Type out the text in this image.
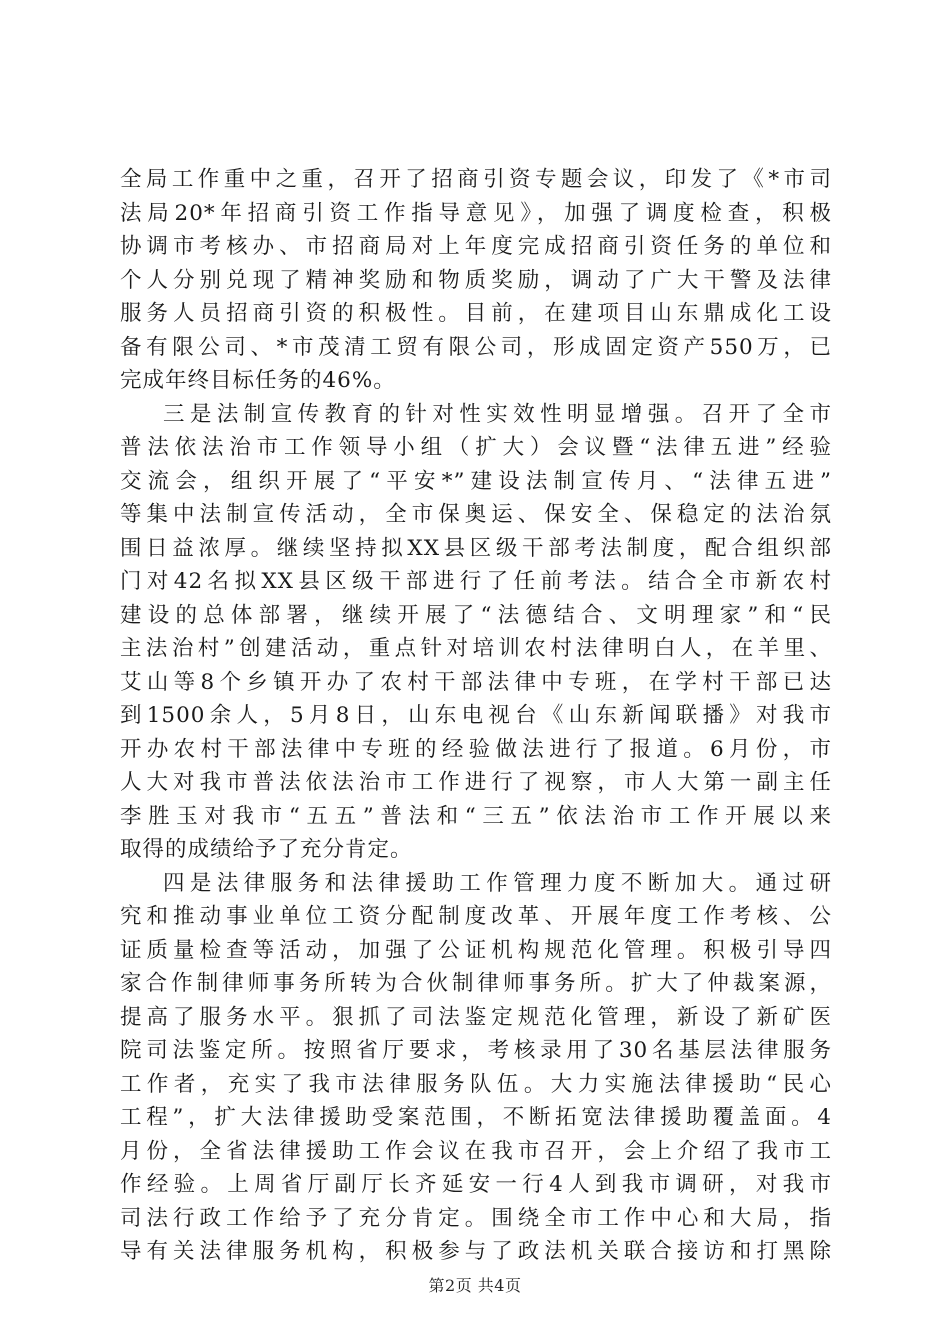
全局工作重中之重，召开了招商引资专题会议，印发了《*市司
法局20*年招商引资工作指导意见》，加强了调度检查，积极
协调市考核办、市招商局对上年度完成招商引资任务的单位和
个人分别兑现了精神奖励和物质奖励，调动了广大干警及法律
服务人员招商引资的积极性。目前，在建项目山东鼎成化工设
备有限公司、*市茂清工贸有限公司，形成固定资产550万，已
完成年终目标任务的46%。
三是法制宣传教育的针对性实效性明显增强。召开了全市
普法依法治市工作领导小组（扩大）会议暨“法律五进”经验
交流会，组织开展了“平安*”建设法制宣传月、“法律五进”
等集中法制宣传活动，全市保奥运、保安全、保稳定的法治氛
围日益浓厚。继续坚持拟XX县区级干部考法制度，配合组织部
门对42名拟XX县区级干部进行了任前考法。结合全市新农村
建设的总体部署，继续开展了“法德结合、文明理家”和“民
主法治村”创建活动，重点针对培训农村法律明白人，在羊里、
艾山等8个乡镇开办了农村干部法律中专班，在学村干部已达
到1500余人，5月8日，山东电视台《山东新闻联播》对我市
开办农村干部法律中专班的经验做法进行了报道。6月份，市
人大对我市普法依法治市工作进行了视察，市人大第一副主任
李胜玉对我市“五五”普法和“三五”依法治市工作开展以来
取得的成绩给予了充分肯定。
四是法律服务和法律援助工作管理力度不断加大。通过研
究和推动事业单位工资分配制度改革、开展年度工作考核、公
证质量检查等活动，加强了公证机构规范化管理。积极引导四
家合作制律师事务所转为合伙制律师事务所。扩大了仲裁案源，
提高了服务水平。狠抓了司法鉴定规范化管理，新设了新矿医
院司法鉴定所。按照省厅要求，考核录用了30名基层法律服务
工作者，充实了我市法律服务队伍。大力实施法律援助“民心
工程”，扩大法律援助受案范围，不断拓宽法律援助覆盖面。4
月份，全省法律援助工作会议在我市召开，会上介绍了我市工
作经验。上周省厅副厅长齐延安一行4人到我市调研，对我市
司法行政工作给予了充分肯定。围绕全市工作中心和大局，指
导有关法律服务机构，积极参与了政法机关联合接访和打黑除
第2页 共4页
